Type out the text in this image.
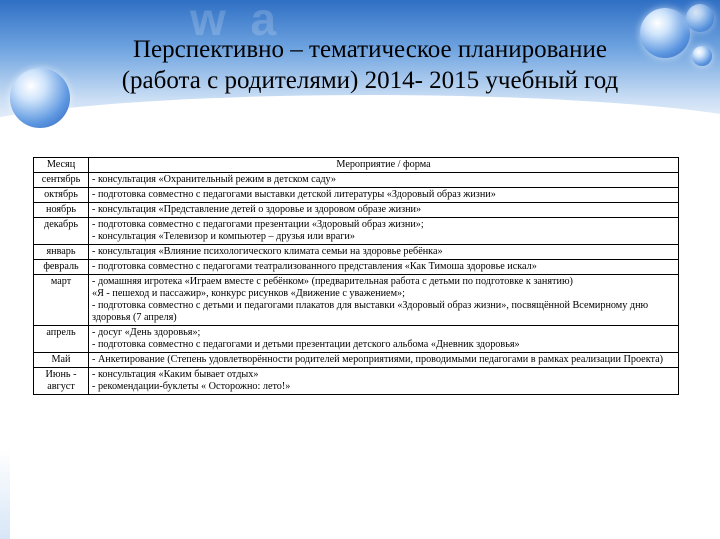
w a
Перспективно – тематическое планирование
(работа с родителями) 2014- 2015 учебный год
Месяц	Мероприятие / форма
сентябрь	- консультация «Охранительный режим в детском саду»

октябрь	- подготовка совместно с педагогами выставки детской литературы «Здоровый образ жизни»

ноябрь	- консультация «Представление детей о здоровье и здоровом образе жизни»

декабрь	- подготовка совместно с педагогами презентации «Здоровый образ жизни»;
- консультация «Телевизор и компьютер – друзья или враги»

январь	- консультация «Влияние психологического климата семьи на здоровье ребёнка»

февраль	- подготовка совместно с педагогами театрализованного представления «Как Тимоша здоровье искал»

март	- домашняя игротека «Играем вместе с ребёнком» (предварительная работа с детьми по подготовке к занятию)
«Я - пешеход и пассажир», конкурс рисунков «Движение с уважением»;
- подготовка совместно с детьми и педагогами плакатов для выставки «Здоровый образ жизни», посвящённой Всемирному дню здоровья (7 апреля)

апрель	- досуг «День здоровья»;
- подготовка совместно с педагогами и детьми презентации детского альбома «Дневник здоровья»

Май	- Анкетирование (Степень удовлетворённости родителей мероприятиями, проводимыми педагогами в рамках реализации Проекта)

Июнь - август	- консультация «Каким бывает отдых»
- рекомендации-буклеты « Осторожно: лето!»
